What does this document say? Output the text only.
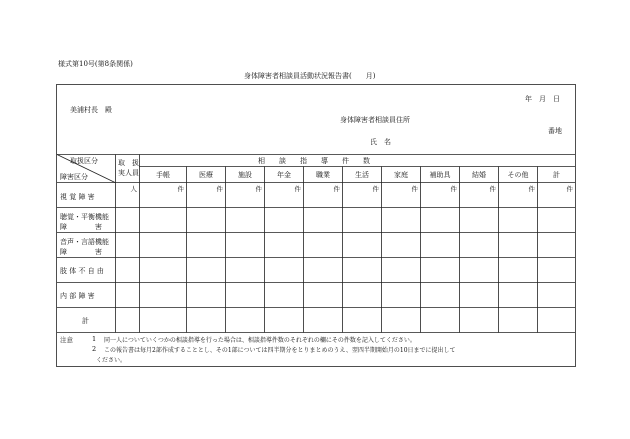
様式第10号(第8条関係)
身体障害者相談員活動状況報告書(　　月)
年　月　日
美浦村長　殿
身体障害者相談員住所
番地
氏　名
取扱区分
障害区分
取　扱
実人員
相　　談　　指　　導　　件　　数
手帳	医療	施設	年金	職業	生活	家庭	補助具	結婚	その他	計
人	件	件	件	件	件	件	件	件	件	件	件
視 覚 障 害
聴覚・平衡機能
障　　　　害
音声・言語機能
障　　　　害
肢 体 不 自 由
内 部 障 害
計
注意	1 同一人についていくつかの相談指導を行った場合は、相談指導件数のそれぞれの欄にその件数を記入してください。
2 この報告書は毎月2部作成することとし、その1部については四半期分をとりまとめのうえ、翌四半期開始月の10日までに提出して
ください。
